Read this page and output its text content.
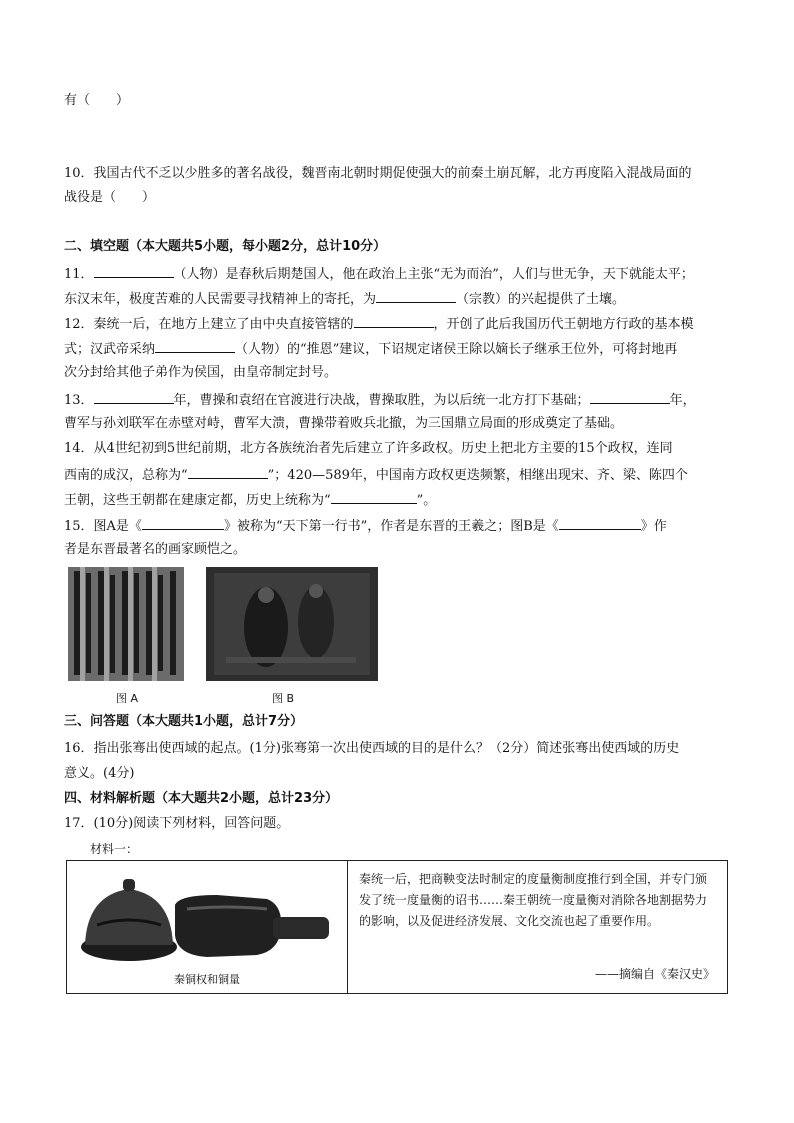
有（　　）
10．我国古代不乏以少胜多的著名战役，魏晋南北朝时期促使强大的前秦土崩瓦解，北方再度陷入混战局面的
战役是（　　）
二、填空题（本大题共5小题，每小题2分，总计10分）
11．	（人物）是春秋后期楚国人，他在政治上主张“无为而治”，人们与世无争，天下就能太平；
东汉末年，极度苦难的人民需要寻找精神上的寄托，为	（宗教）的兴起提供了土壤。
12．秦统一后，在地方上建立了由中央直接管辖的	，开创了此后我国历代王朝地方行政的基本模
式；汉武帝采纳	（人物）的“推恩”建议，下诏规定诸侯王除以嫡长子继承王位外，可将封地再
次分封给其他子弟作为侯国，由皇帝制定封号。
13．	年，曹操和袁绍在官渡进行决战，曹操取胜，为以后统一北方打下基础；	年，
曹军与孙刘联军在赤壁对峙，曹军大溃，曹操带着败兵北撤，为三国鼎立局面的形成奠定了基础。
14．从4世纪初到5世纪前期，北方各族统治者先后建立了许多政权。历史上把北方主要的15个政权，连同
西南的成汉，总称为“	”；420—589年，中国南方政权更迭频繁，相继出现宋、齐、梁、陈四个
王朝，这些王朝都在建康定都，历史上统称为“	”。
15．图A是《	》被称为“天下第一行书”，作者是东晋的王羲之；图B是《	》作
者是东晋最著名的画家顾恺之。
图 A	图 B
三、问答题（本大题共1小题，总计7分）
16．指出张骞出使西域的起点。(1分)张骞第一次出使西域的目的是什么？（2分）简述张骞出使西域的历史
意义。(4分)
四、材料解析题（本大题共2小题，总计23分）
17．(10分)阅读下列材料，回答问题。
材料一：
秦铜权和铜量
秦统一后，把商鞅变法时制定的度量衡制度推行到全国，并专门颁发了统一度量衡的诏书……秦王朝统一度量衡对消除各地割据势力的影响，以及促进经济发展、文化交流也起了重要作用。
——摘编自《秦汉史》
